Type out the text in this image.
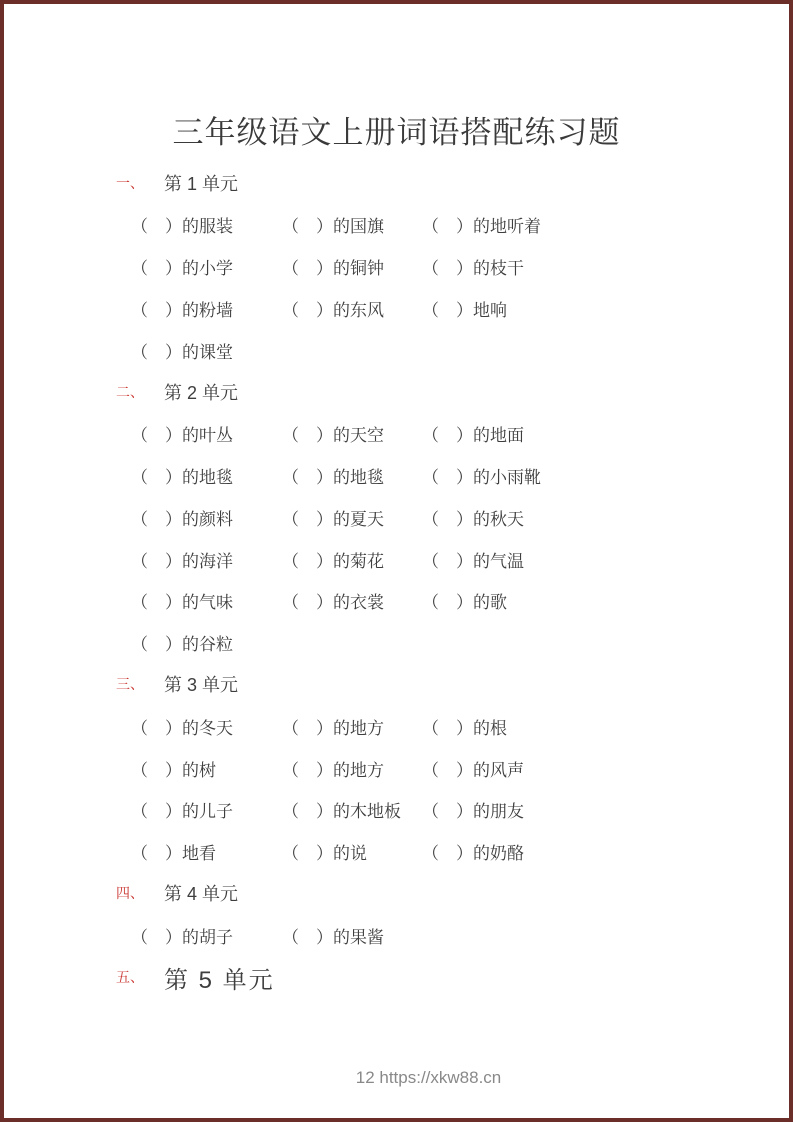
三年级语文上册词语搭配练习题
一、	第 1 单元
（　）的服装	（　）的国旗	（　）的地听着
（　）的小学	（　）的铜钟	（　）的枝干
（　）的粉墙	（　）的东风	（　）地响
（　）的课堂
二、	第 2 单元
（　）的叶丛	（　）的天空	（　）的地面
（　）的地毯	（　）的地毯	（　）的小雨靴
（　）的颜料	（　）的夏天	（　）的秋天
（　）的海洋	（　）的菊花	（　）的气温
（　）的气味	（　）的衣裳	（　）的歌
（　）的谷粒
三、	第 3 单元
（　）的冬天	（　）的地方	（　）的根
（　）的树	（　）的地方	（　）的风声
（　）的儿子	（　）的木地板	（　）的朋友
（　）地看	（　）的说	（　）的奶酪
四、	第 4 单元
（　）的胡子	（　）的果酱
五、 第 5 单元
12 https://xkw88.cn
